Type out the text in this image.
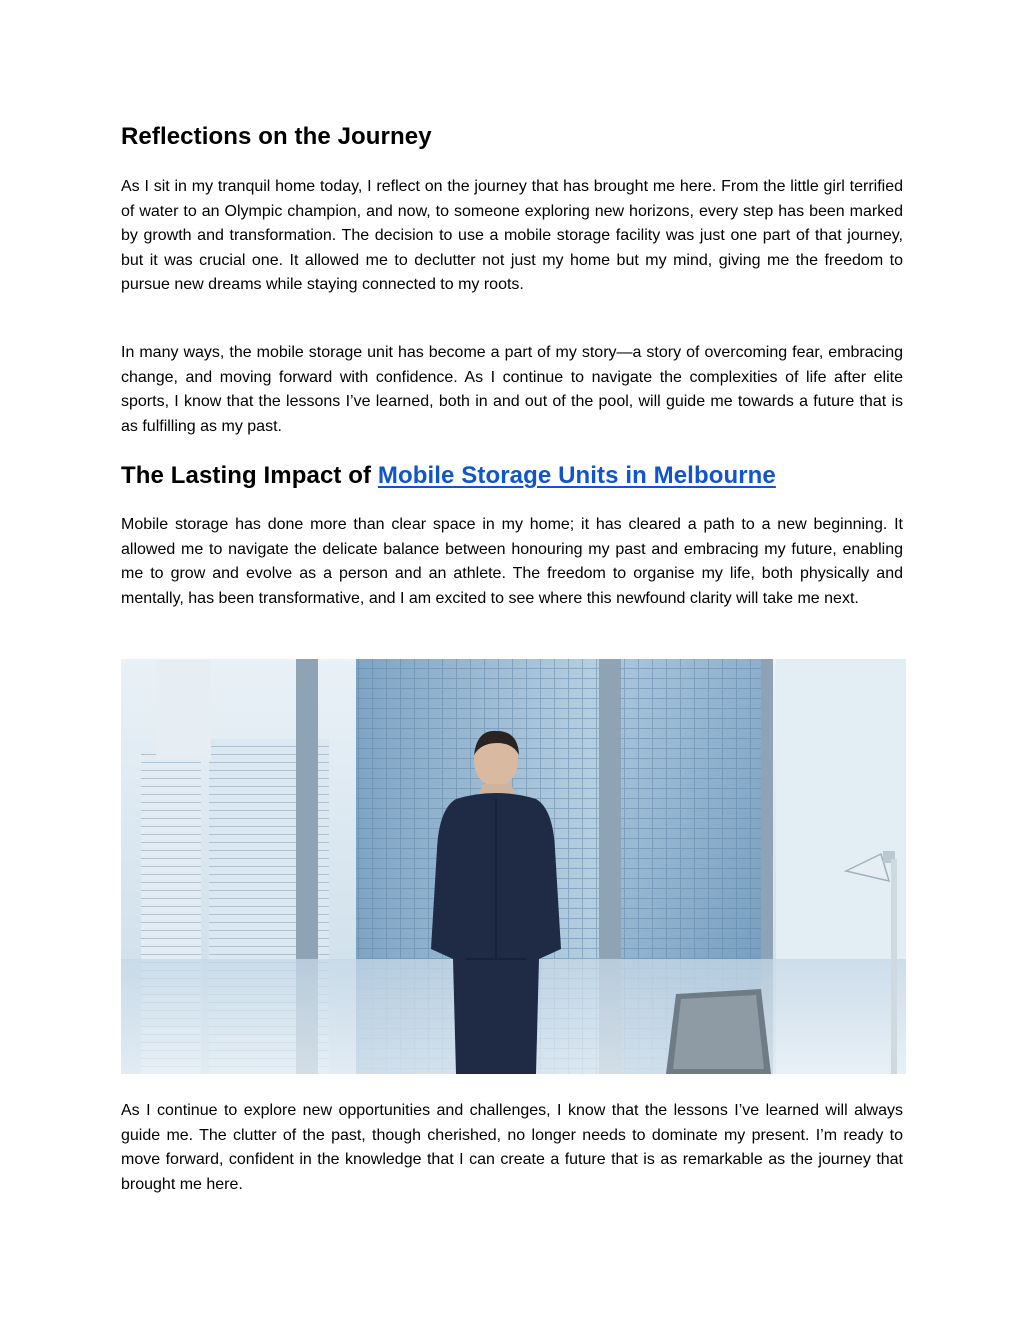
Reflections on the Journey

As I sit in my tranquil home today, I reflect on the journey that has brought me here. From the little girl terrified of water to an Olympic champion, and now, to someone exploring new horizons, every step has been marked by growth and transformation. The decision to use a mobile storage facility was just one part of that journey, but it was crucial one. It allowed me to declutter not just my home but my mind, giving me the freedom to pursue new dreams while staying connected to my roots.

In many ways, the mobile storage unit has become a part of my story—a story of overcoming fear, embracing change, and moving forward with confidence. As I continue to navigate the complexities of life after elite sports, I know that the lessons I’ve learned, both in and out of the pool, will guide me towards a future that is as fulfilling as my past.

The Lasting Impact of Mobile Storage Units in Melbourne

Mobile storage has done more than clear space in my home; it has cleared a path to a new beginning. It allowed me to navigate the delicate balance between honouring my past and embracing my future, enabling me to grow and evolve as a person and an athlete. The freedom to organise my life, both physically and mentally, has been transformative, and I am excited to see where this newfound clarity will take me next.

As I continue to explore new opportunities and challenges, I know that the lessons I’ve learned will always guide me. The clutter of the past, though cherished, no longer needs to dominate my present. I’m ready to move forward, confident in the knowledge that I can create a future that is as remarkable as the journey that brought me here.
